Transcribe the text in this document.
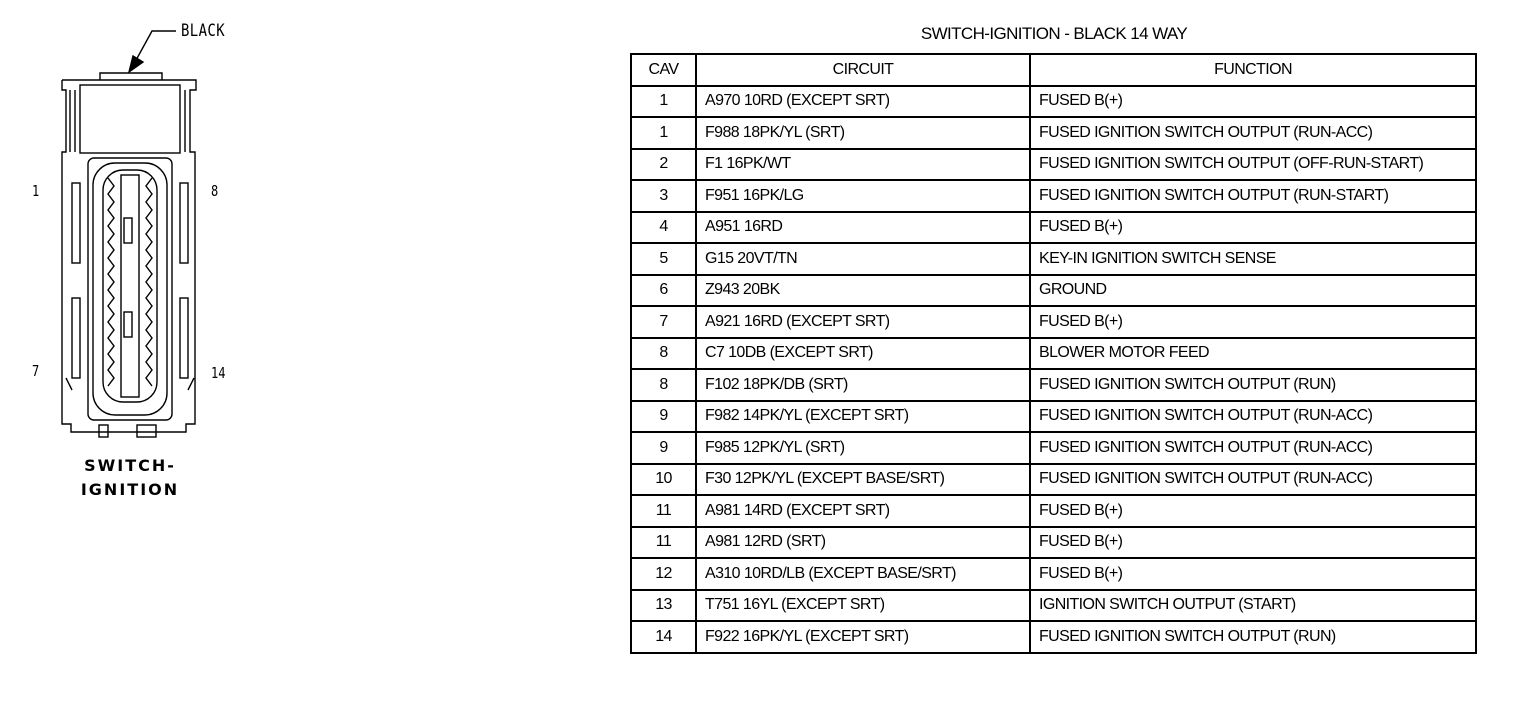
BLACK
1	8
7	14
SWITCH-
IGNITION
SWITCH-IGNITION - BLACK 14 WAY
CAV	CIRCUIT	FUNCTION
1	A970 10RD (EXCEPT SRT)	FUSED B(+)
1	F988 18PK/YL (SRT)	FUSED IGNITION SWITCH OUTPUT (RUN-ACC)
2	F1 16PK/WT	FUSED IGNITION SWITCH OUTPUT (OFF-RUN-START)
3	F951 16PK/LG	FUSED IGNITION SWITCH OUTPUT (RUN-START)
4	A951 16RD	FUSED B(+)
5	G15 20VT/TN	KEY-IN IGNITION SWITCH SENSE
6	Z943 20BK	GROUND
7	A921 16RD (EXCEPT SRT)	FUSED B(+)
8	C7 10DB (EXCEPT SRT)	BLOWER MOTOR FEED
8	F102 18PK/DB (SRT)	FUSED IGNITION SWITCH OUTPUT (RUN)
9	F982 14PK/YL (EXCEPT SRT)	FUSED IGNITION SWITCH OUTPUT (RUN-ACC)
9	F985 12PK/YL (SRT)	FUSED IGNITION SWITCH OUTPUT (RUN-ACC)
10	F30 12PK/YL (EXCEPT BASE/SRT)	FUSED IGNITION SWITCH OUTPUT (RUN-ACC)
11	A981 14RD (EXCEPT SRT)	FUSED B(+)
11	A981 12RD (SRT)	FUSED B(+)
12	A310 10RD/LB (EXCEPT BASE/SRT)	FUSED B(+)
13	T751 16YL (EXCEPT SRT)	IGNITION SWITCH OUTPUT (START)
14	F922 16PK/YL (EXCEPT SRT)	FUSED IGNITION SWITCH OUTPUT (RUN)
